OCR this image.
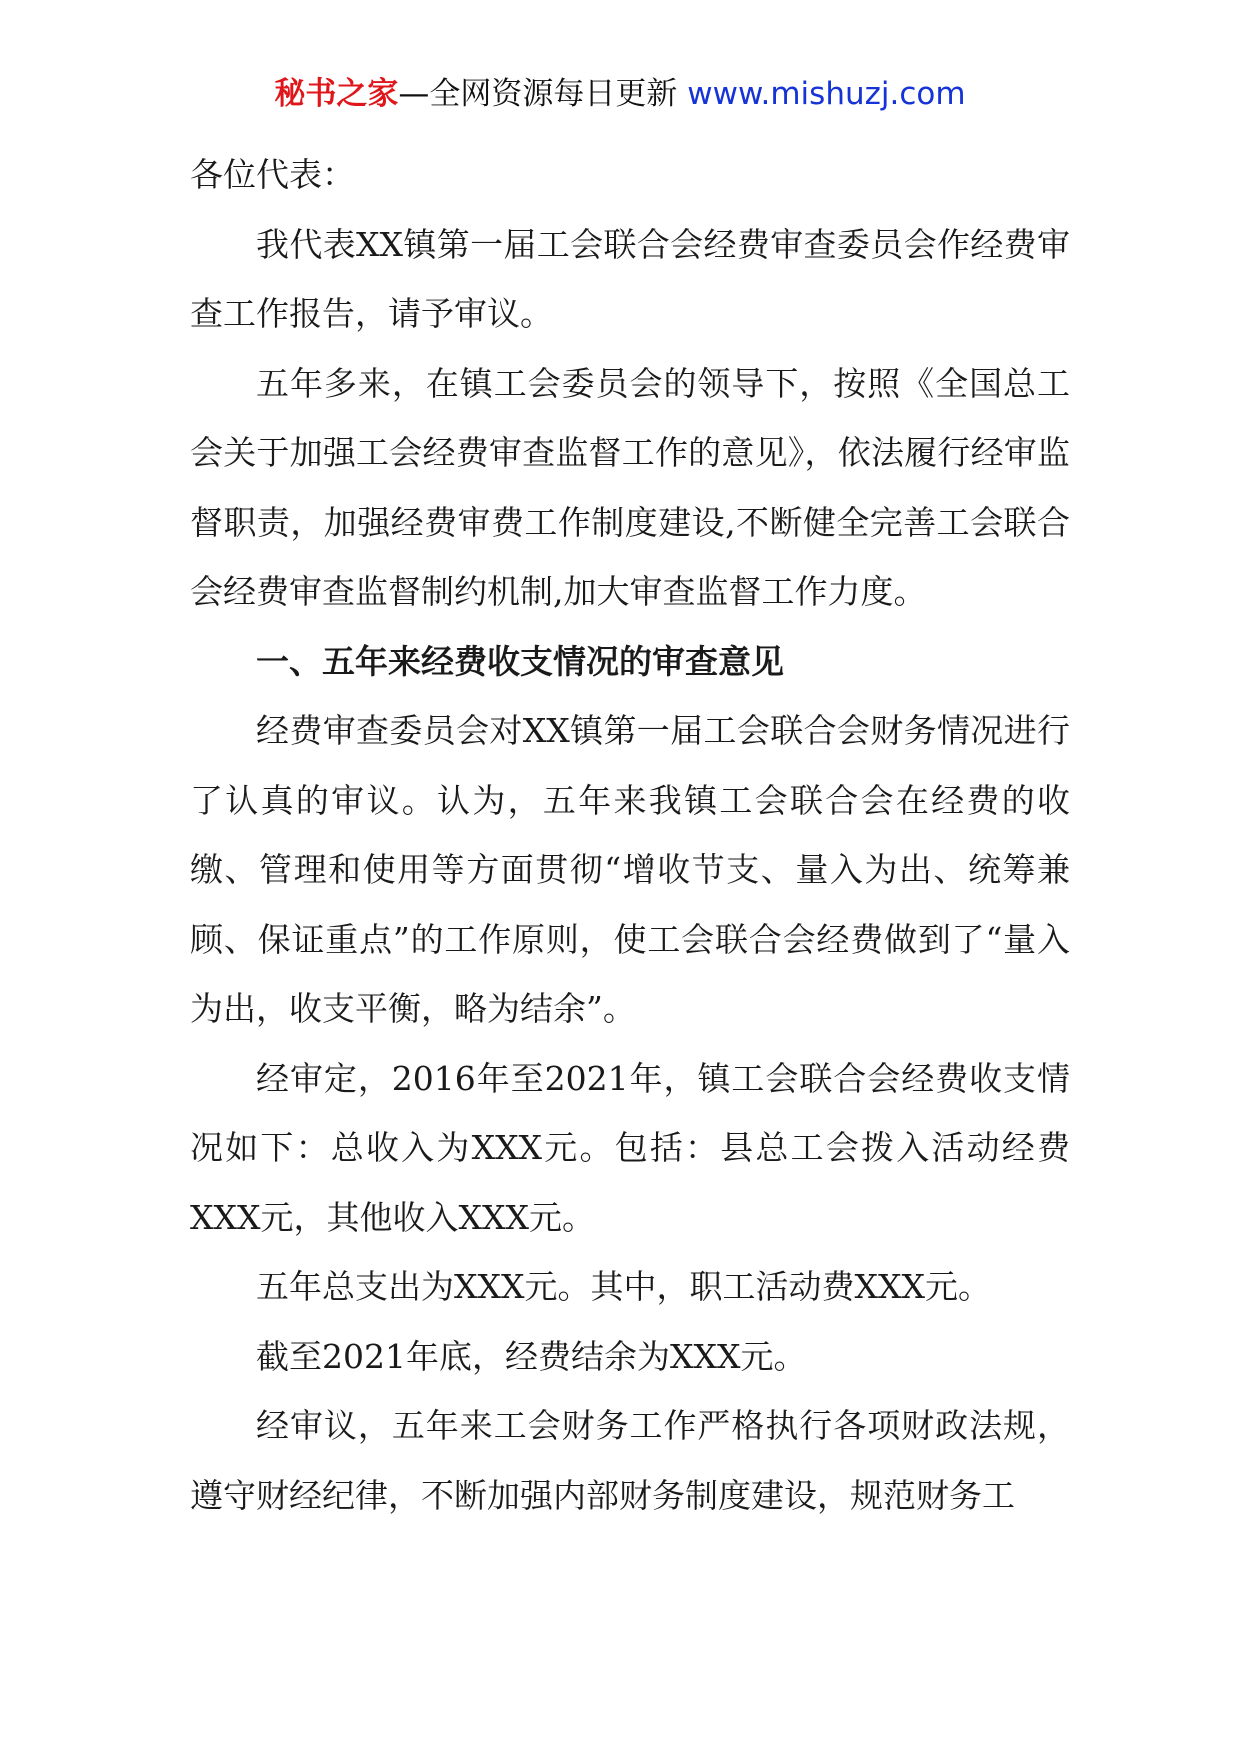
秘书之家—全网资源每日更新 www.mishuzj.com

各位代表：

我代表XX镇第一届工会联合会经费审查委员会作经费审查工作报告，请予审议。

五年多来，在镇工会委员会的领导下，按照《全国总工会关于加强工会经费审查监督工作的意见》，依法履行经审监督职责，加强经费审费工作制度建设,不断健全完善工会联合会经费审查监督制约机制,加大审查监督工作力度。

一、五年来经费收支情况的审查意见

经费审查委员会对XX镇第一届工会联合会财务情况进行了认真的审议。认为，五年来我镇工会联合会在经费的收缴、管理和使用等方面贯彻“增收节支、量入为出、统筹兼顾、保证重点”的工作原则，使工会联合会经费做到了“量入为出，收支平衡，略为结余”。

经审定，2016年至2021年，镇工会联合会经费收支情况如下：总收入为XXX元。包括：县总工会拨入活动经费XXX元，其他收入XXX元。

五年总支出为XXX元。其中，职工活动费XXX元。

截至2021年底，经费结余为XXX元。

经审议，五年来工会财务工作严格执行各项财政法规，遵守财经纪律，不断加强内部财务制度建设，规范财务工
